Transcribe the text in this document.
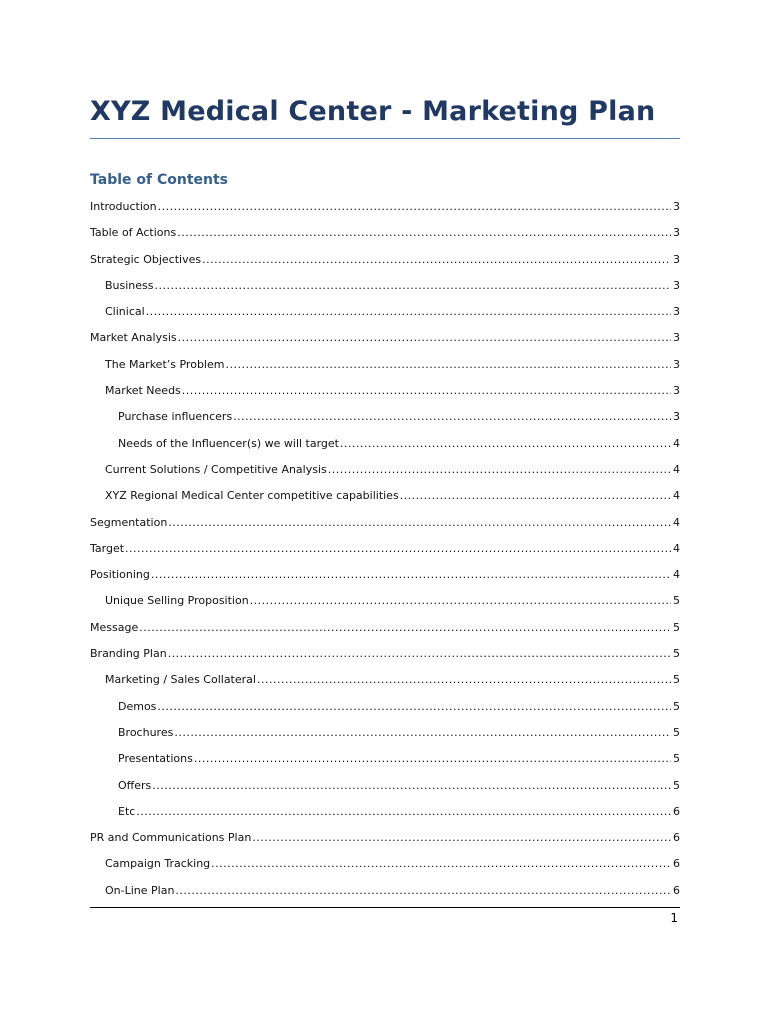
XYZ Medical Center - Marketing Plan
Table of Contents
Introduction .....	3
Table of Actions .....	3
Strategic Objectives .....	3
Business .....	3
Clinical .....	3
Market Analysis .....	3
The Market’s Problem .....	3
Market Needs .....	3
Purchase influencers .....	3
Needs of the Influencer(s) we will target .....	4
Current Solutions / Competitive Analysis .....	4
XYZ Regional Medical Center competitive capabilities .....	4
Segmentation .....	4
Target .....	4
Positioning .....	4
Unique Selling Proposition .....	5
Message .....	5
Branding Plan .....	5
Marketing / Sales Collateral .....	5
Demos .....	5
Brochures .....	5
Presentations .....	5
Offers .....	5
Etc .....	6
PR and Communications Plan .....	6
Campaign Tracking .....	6
On-Line Plan .....	6
1
